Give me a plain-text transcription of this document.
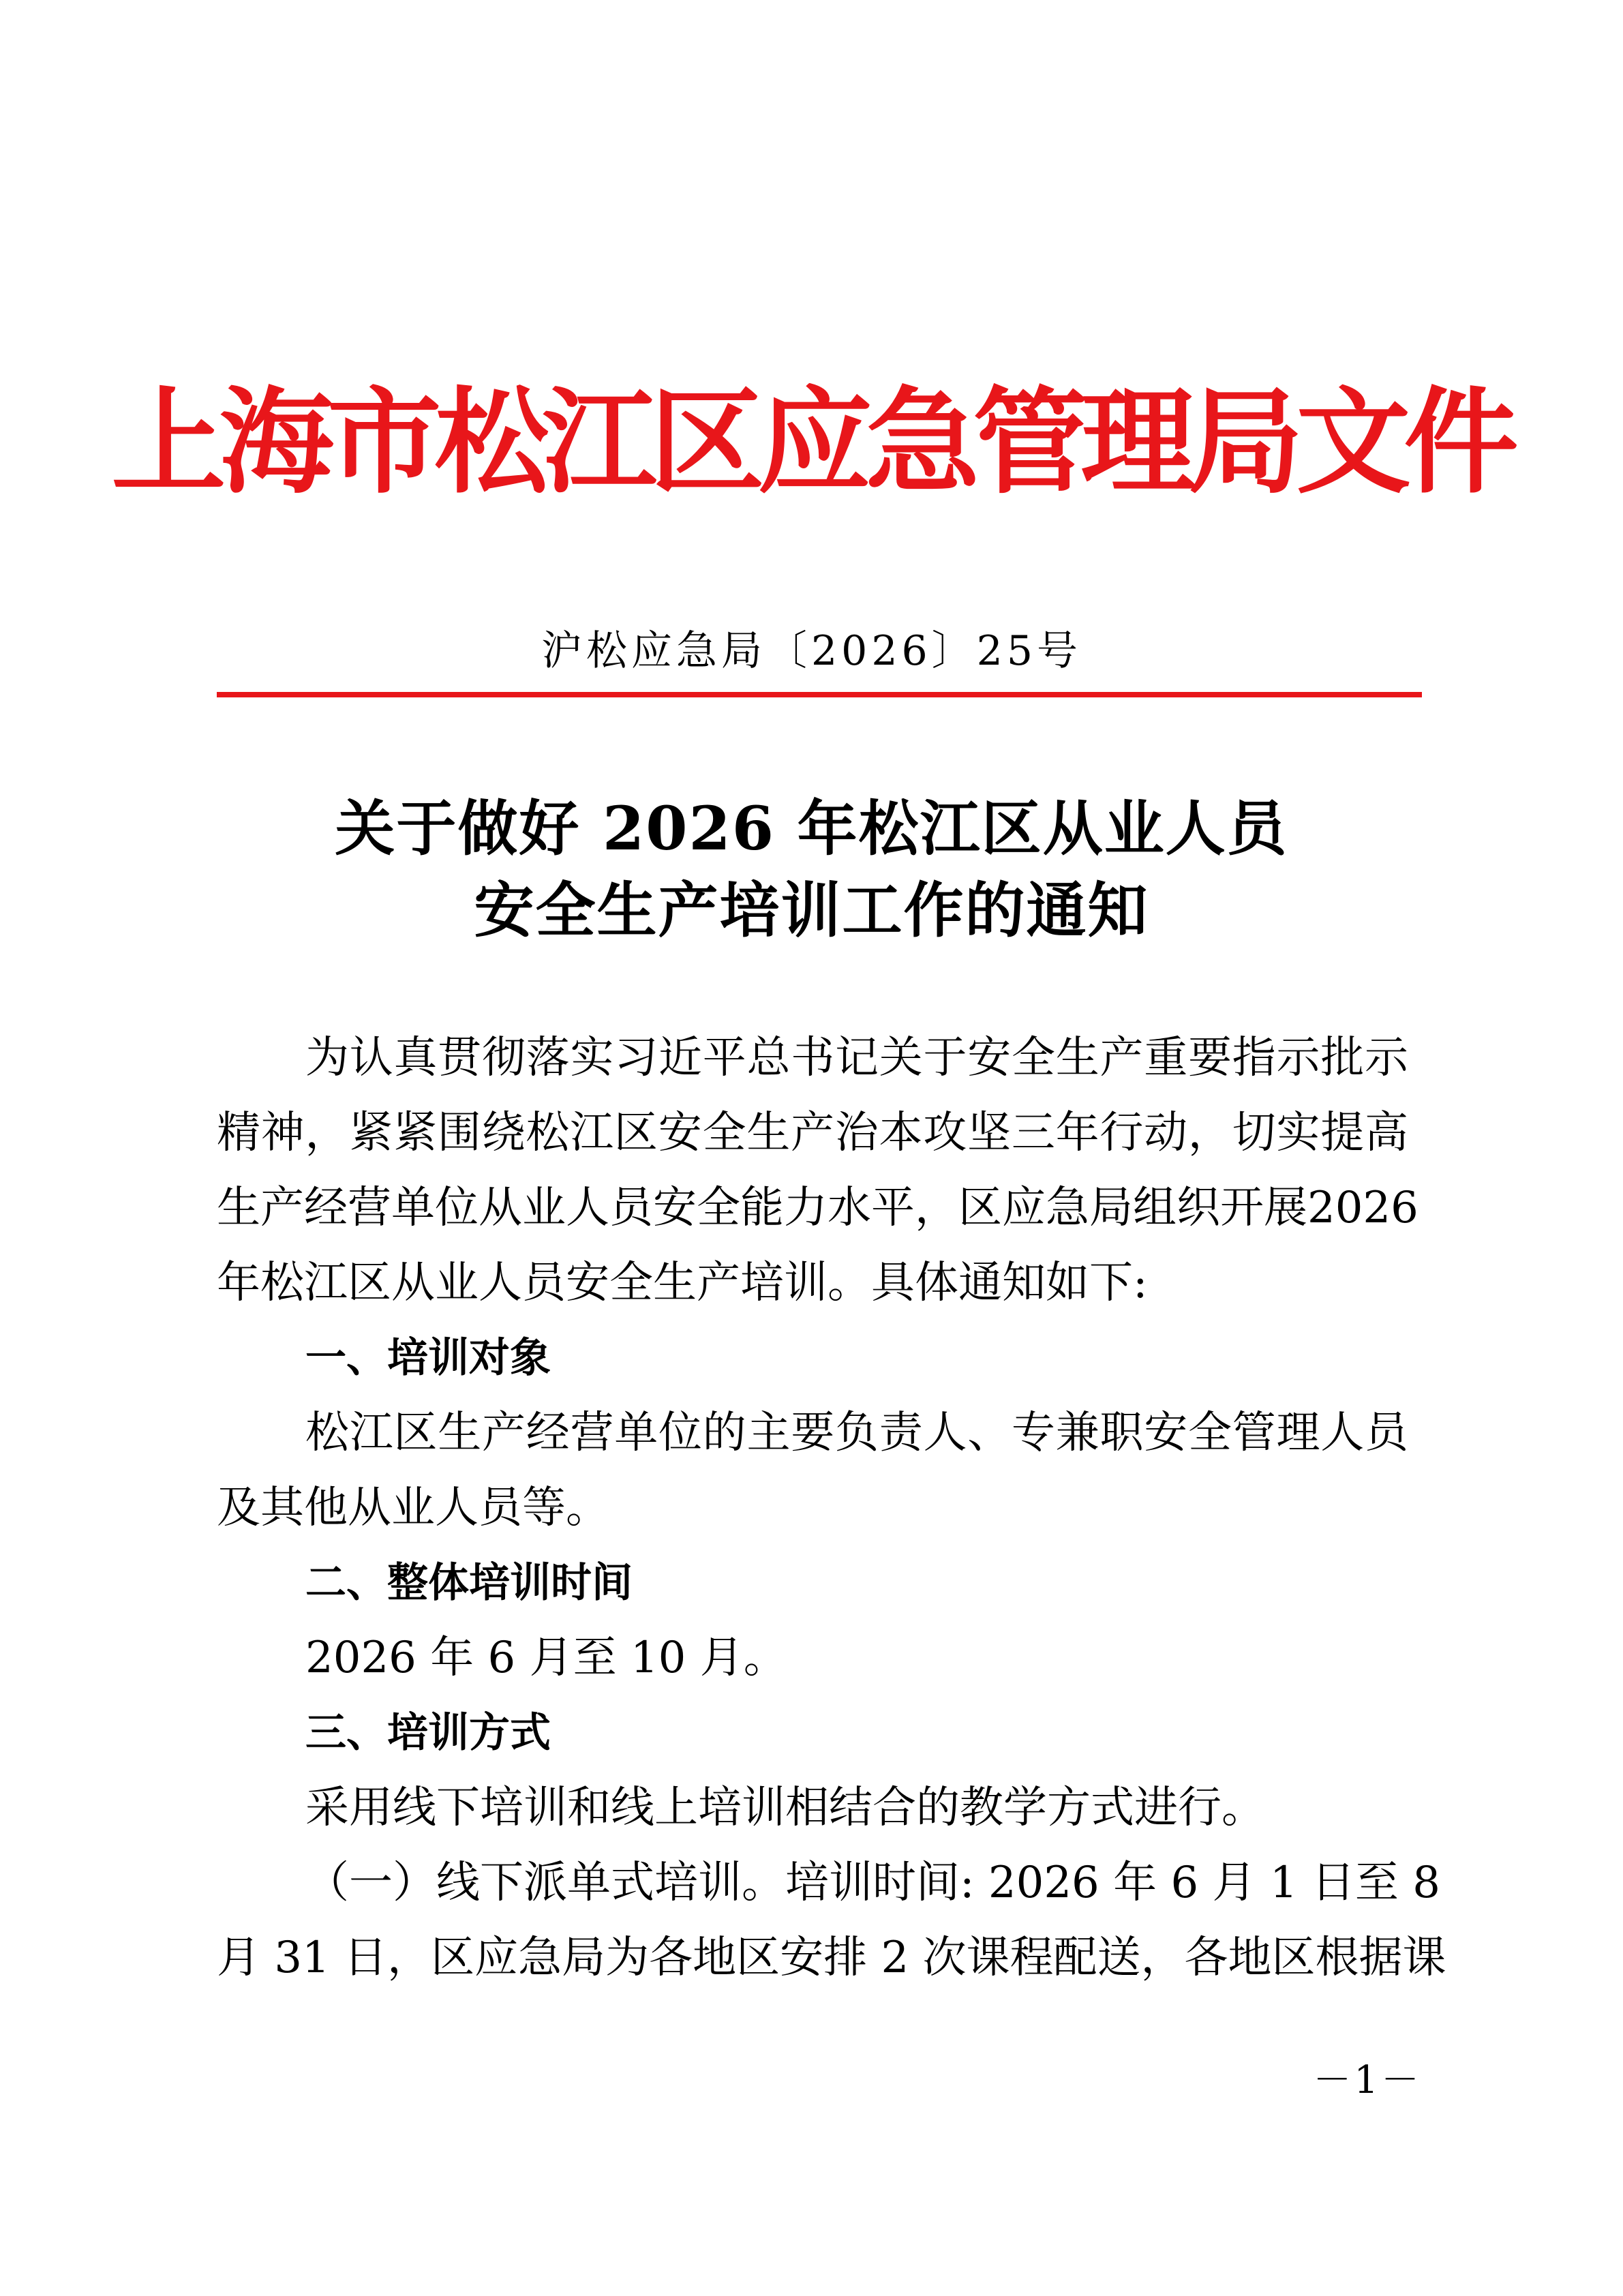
上海市松江区应急管理局文件
沪松应急局〔2026〕25号
关于做好 2026 年松江区从业人员
安全生产培训工作的通知
为认真贯彻落实习近平总书记关于安全生产重要指示批示
精神，紧紧围绕松江区安全生产治本攻坚三年行动，切实提高
生产经营单位从业人员安全能力水平，区应急局组织开展2026
年松江区从业人员安全生产培训。具体通知如下:
一、培训对象
松江区生产经营单位的主要负责人、专兼职安全管理人员
及其他从业人员等。
二、整体培训时间
2026 年 6 月至 10 月。
三、培训方式
采用线下培训和线上培训相结合的教学方式进行。
（一）线下派单式培训。培训时间: 2026 年 6 月 1 日至 8
月 31 日，区应急局为各地区安排 2 次课程配送，各地区根据课
－1－
